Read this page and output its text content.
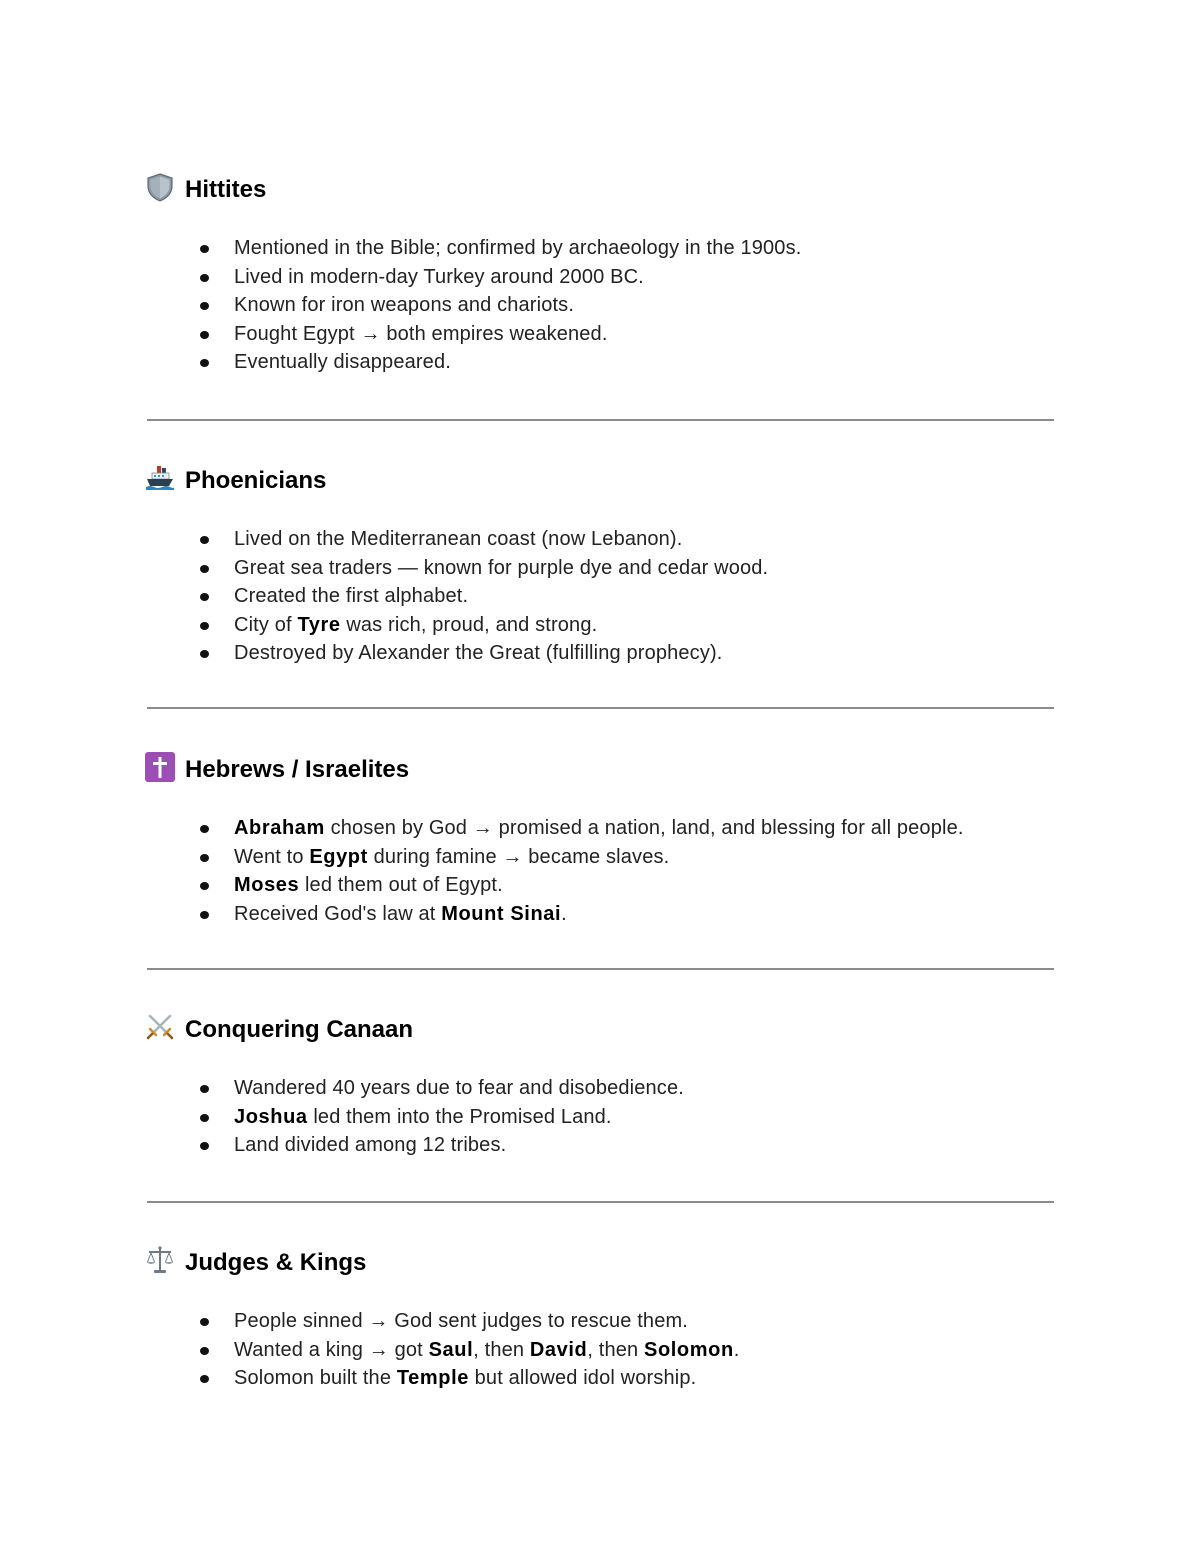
Hittites
Mentioned in the Bible; confirmed by archaeology in the 1900s.
Lived in modern-day Turkey around 2000 BC.
Known for iron weapons and chariots.
Fought Egypt → both empires weakened.
Eventually disappeared.
Phoenicians
Lived on the Mediterranean coast (now Lebanon).
Great sea traders — known for purple dye and cedar wood.
Created the first alphabet.
City of Tyre was rich, proud, and strong.
Destroyed by Alexander the Great (fulfilling prophecy).
Hebrews / Israelites
Abraham chosen by God → promised a nation, land, and blessing for all people.
Went to Egypt during famine → became slaves.
Moses led them out of Egypt.
Received God's law at Mount Sinai.
Conquering Canaan
Wandered 40 years due to fear and disobedience.
Joshua led them into the Promised Land.
Land divided among 12 tribes.
Judges & Kings
People sinned → God sent judges to rescue them.
Wanted a king → got Saul, then David, then Solomon.
Solomon built the Temple but allowed idol worship.
